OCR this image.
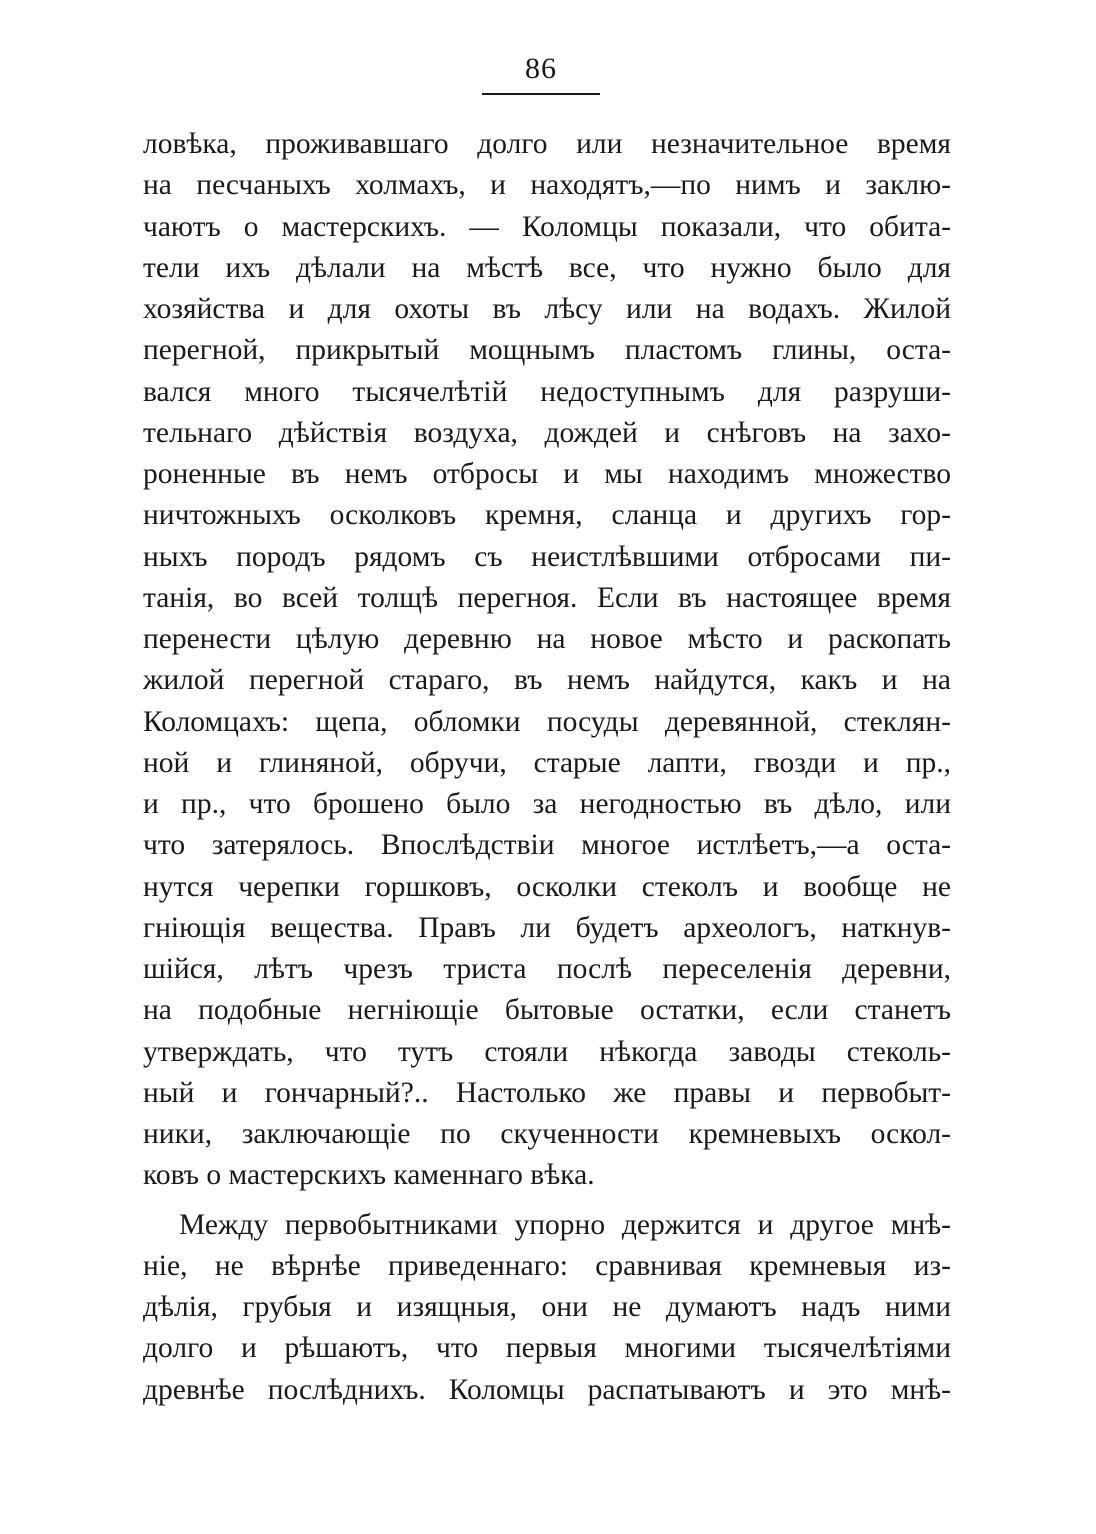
86
ловѣка, проживавшаго долго или незначительное время
на песчаныхъ холмахъ, и находятъ,—по нимъ и заклю-
чаютъ о мастерскихъ. — Коломцы показали, что обита-
тели ихъ дѣлали на мѣстѣ все, что нужно было для
хозяйства и для охоты въ лѣсу или на водахъ. Жилой
перегной, прикрытый мощнымъ пластомъ глины, оста-
вался много тысячелѣтій недоступнымъ для разруши-
тельнаго дѣйствія воздуха, дождей и снѣговъ на захо-
роненные въ немъ отбросы и мы находимъ множество
ничтожныхъ осколковъ кремня, сланца и другихъ гор-
ныхъ породъ рядомъ съ неистлѣвшими отбросами пи-
танія, во всей толщѣ перегноя. Если въ настоящее время
перенести цѣлую деревню на новое мѣсто и раскопать
жилой перегной стараго, въ немъ найдутся, какъ и на
Коломцахъ: щепа, обломки посуды деревянной, стеклян-
ной и глиняной, обручи, старые лапти, гвозди и пр.,
и пр., что брошено было за негодностью въ дѣло, или
что затерялось. Впослѣдствіи многое истлѣетъ,—а оста-
нутся черепки горшковъ, осколки стеколъ и вообще не
гніющія вещества. Правъ ли будетъ археологъ, наткнув-
шійся, лѣтъ чрезъ триста послѣ переселенія деревни,
на подобные негніющіе бытовые остатки, если станетъ
утверждать, что тутъ стояли нѣкогда заводы стеколь-
ный и гончарный?.. Настолько же правы и первобыт-
ники, заключающіе по скученности кремневыхъ оскол-
ковъ о мастерскихъ каменнаго вѣка.
Между первобытниками упорно держится и другое мнѣ-
ніе, не вѣрнѣе приведеннаго: сравнивая кремневыя из-
дѣлія, грубыя и изящныя, они не думаютъ надъ ними
долго и рѣшаютъ, что первыя многими тысячелѣтіями
древнѣе послѣднихъ. Коломцы распатываютъ и это мнѣ-
